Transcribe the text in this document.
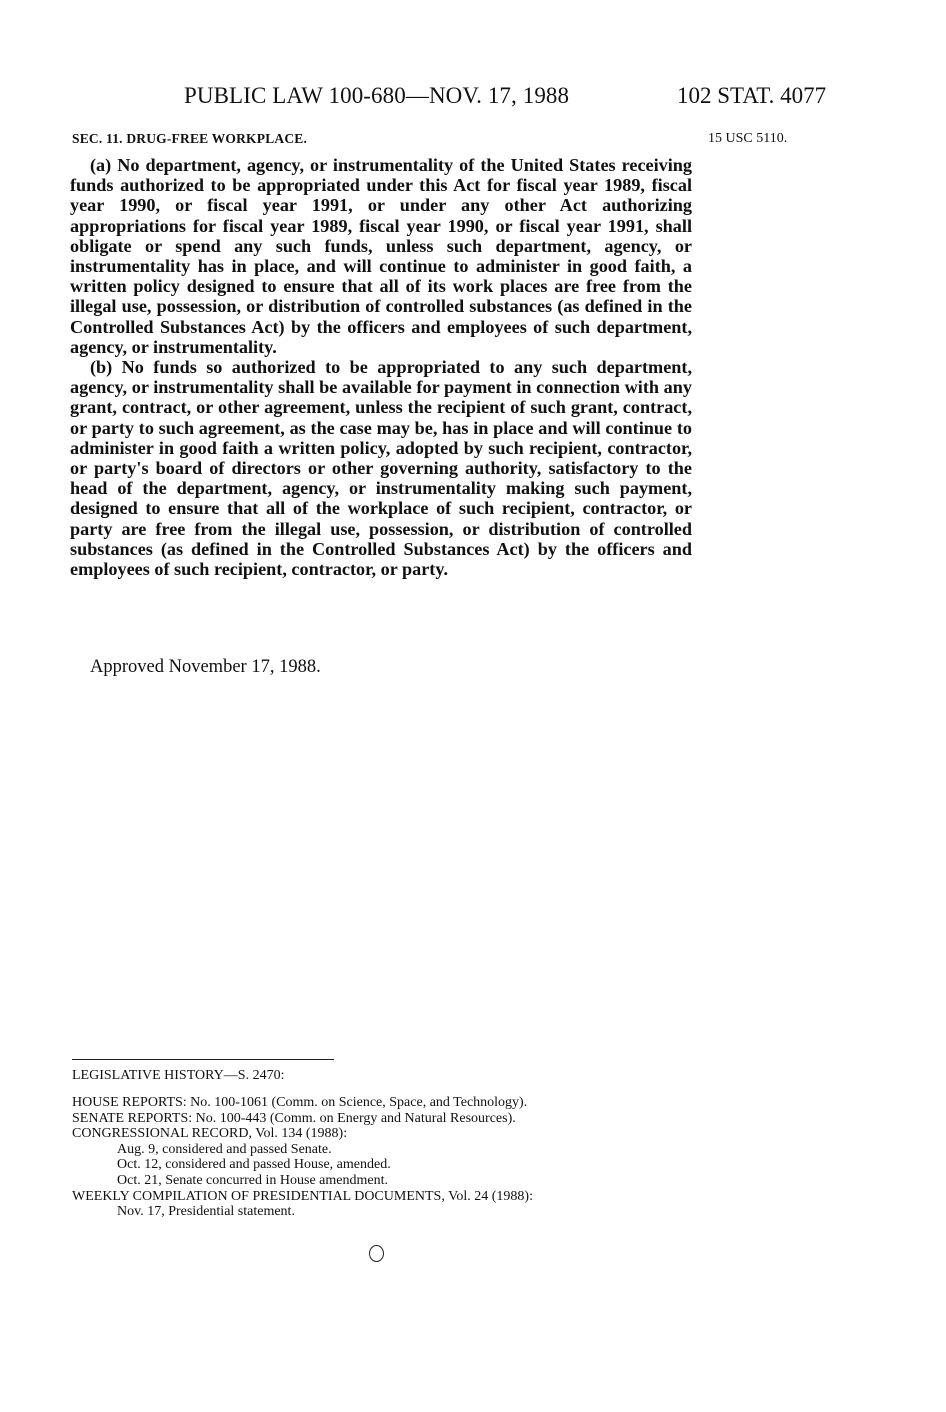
PUBLIC LAW 100-680—NOV. 17, 1988	102 STAT. 4077
SEC. 11. DRUG-FREE WORKPLACE.	15 USC 5110.

(a) No department, agency, or instrumentality of the United States receiving funds authorized to be appropriated under this Act for fiscal year 1989, fiscal year 1990, or fiscal year 1991, or under any other Act authorizing appropriations for fiscal year 1989, fiscal year 1990, or fiscal year 1991, shall obligate or spend any such funds, unless such department, agency, or instrumentality has in place, and will continue to administer in good faith, a written policy designed to ensure that all of its work places are free from the illegal use, possession, or distribution of controlled substances (as defined in the Controlled Substances Act) by the officers and employees of such department, agency, or instrumentality.

(b) No funds so authorized to be appropriated to any such department, agency, or instrumentality shall be available for payment in connection with any grant, contract, or other agreement, unless the recipient of such grant, contract, or party to such agreement, as the case may be, has in place and will continue to administer in good faith a written policy, adopted by such recipient, contractor, or party's board of directors or other governing authority, satisfactory to the head of the department, agency, or instrumentality making such payment, designed to ensure that all of the workplace of such recipient, contractor, or party are free from the illegal use, possession, or distribution of controlled substances (as defined in the Controlled Substances Act) by the officers and employees of such recipient, contractor, or party.

Approved November 17, 1988.
LEGISLATIVE HISTORY—S. 2470:
HOUSE REPORTS: No. 100-1061 (Comm. on Science, Space, and Technology).
SENATE REPORTS: No. 100-443 (Comm. on Energy and Natural Resources).
CONGRESSIONAL RECORD, Vol. 134 (1988):
Aug. 9, considered and passed Senate.
Oct. 12, considered and passed House, amended.
Oct. 21, Senate concurred in House amendment.
WEEKLY COMPILATION OF PRESIDENTIAL DOCUMENTS, Vol. 24 (1988):
Nov. 17, Presidential statement.
